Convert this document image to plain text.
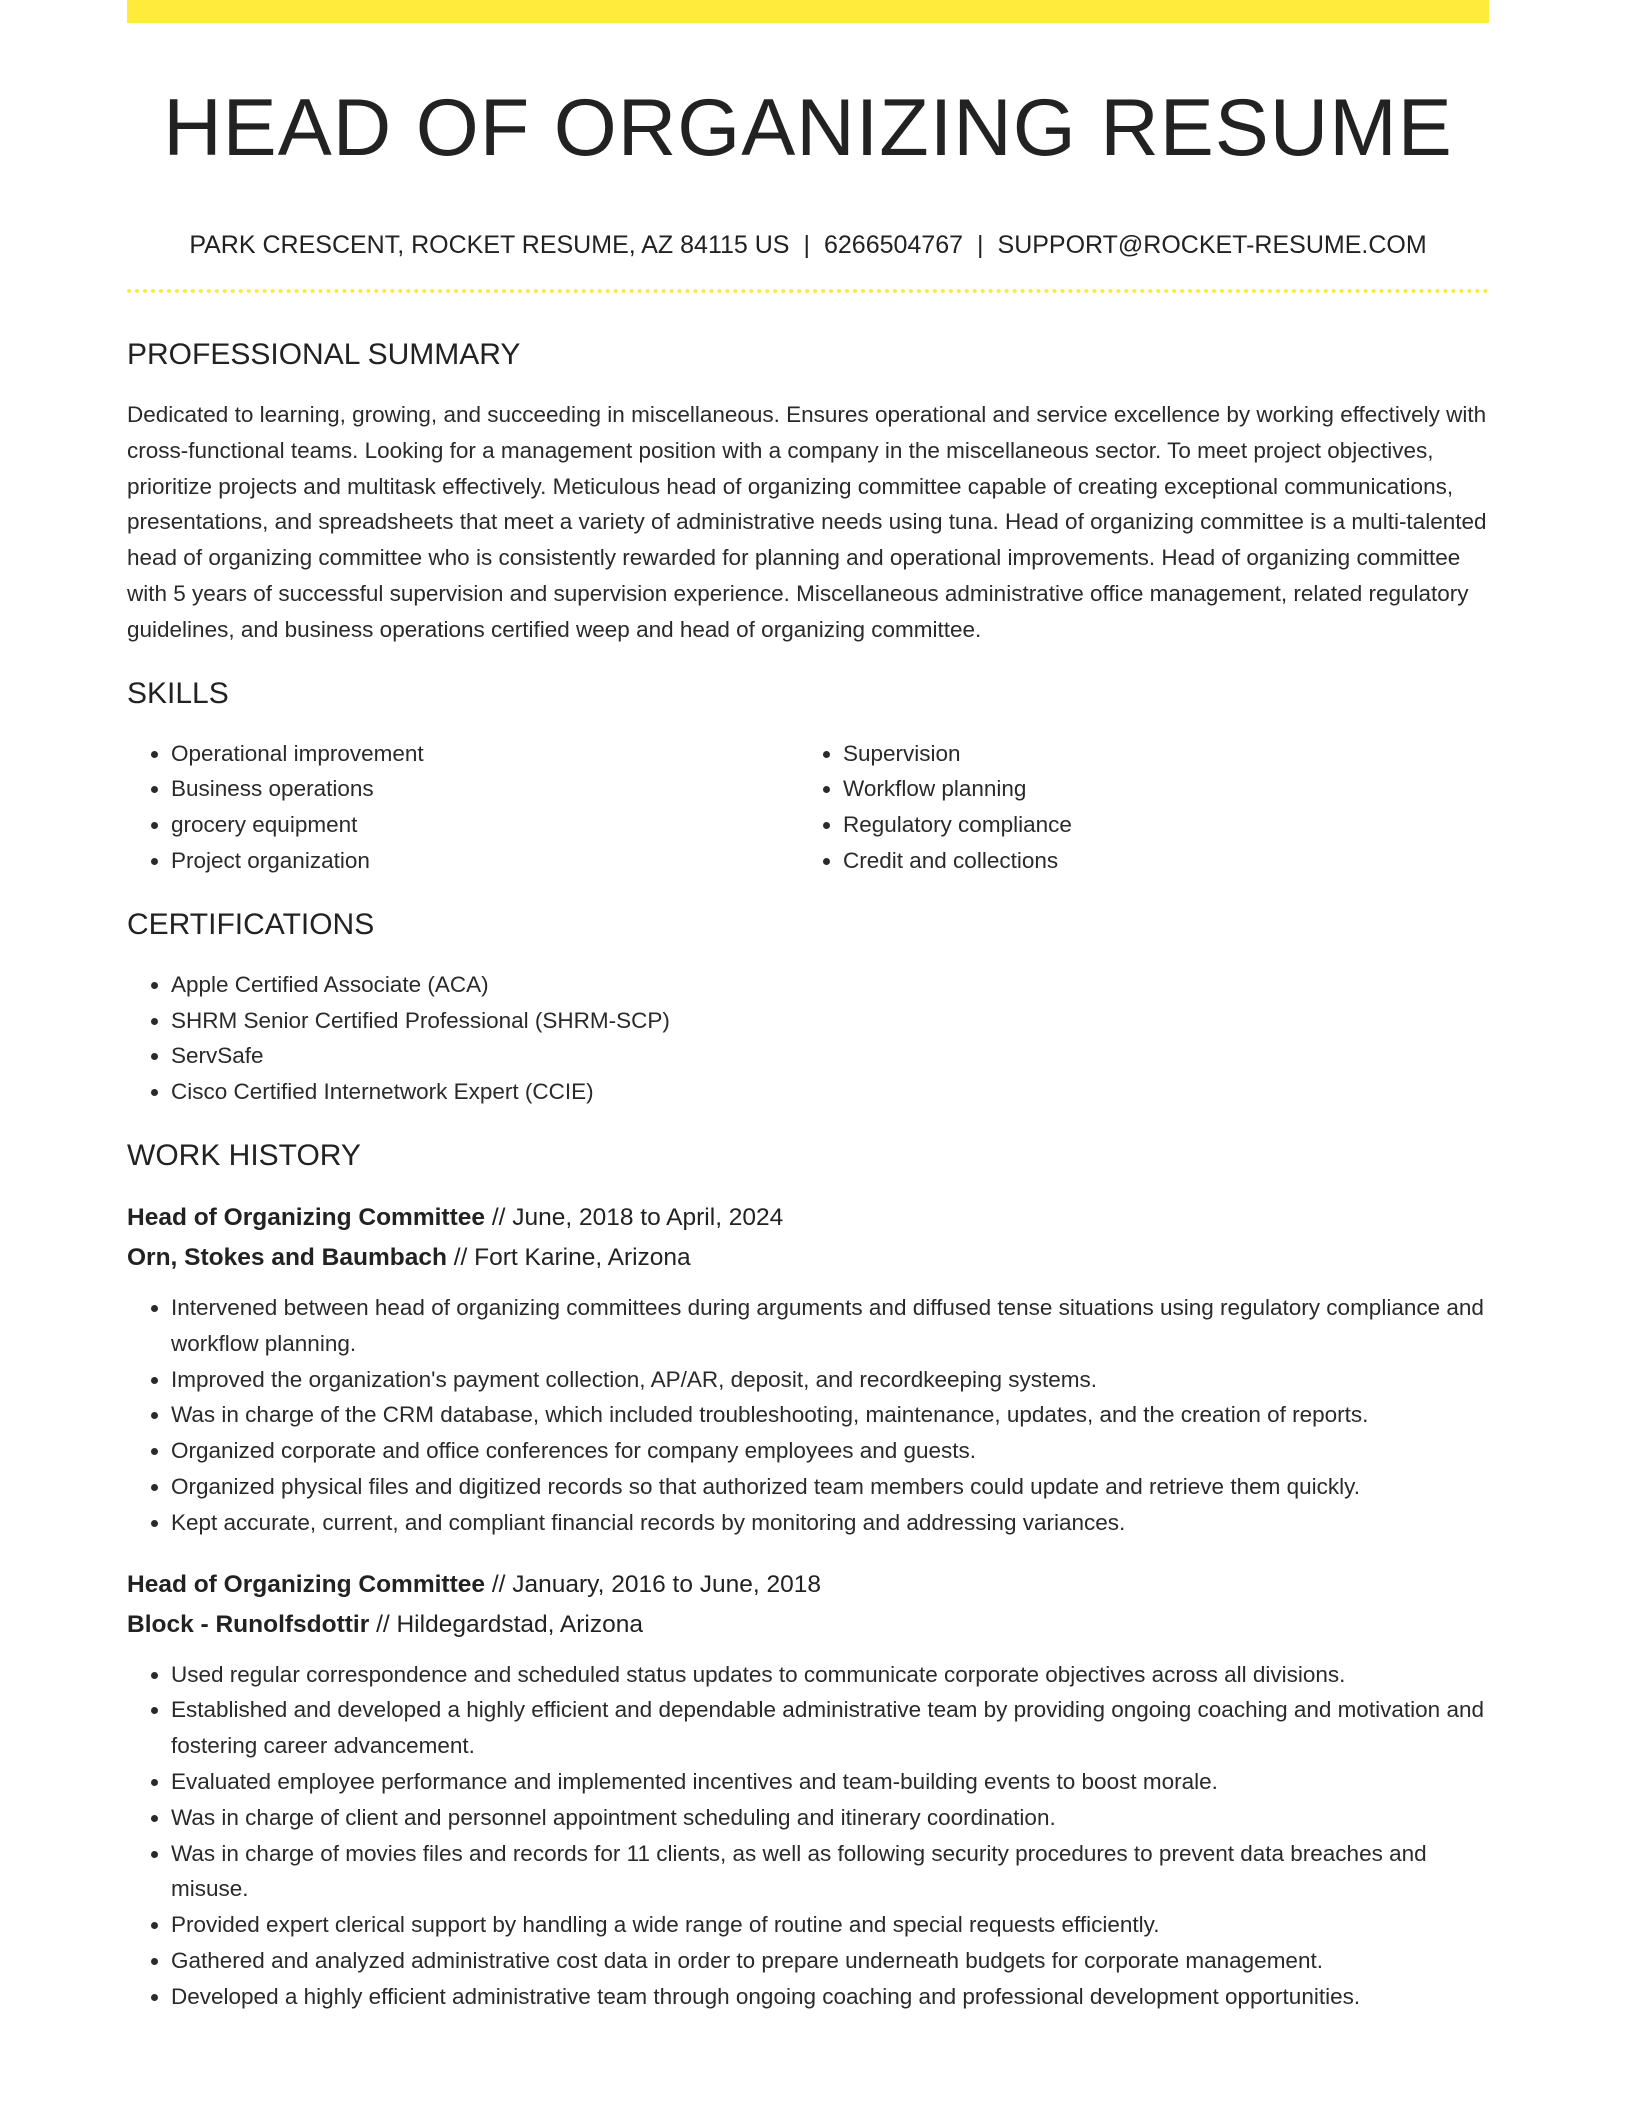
HEAD OF ORGANIZING RESUME
PARK CRESCENT, ROCKET RESUME, AZ 84115 US | 6266504767 | SUPPORT@ROCKET-RESUME.COM
PROFESSIONAL SUMMARY

Dedicated to learning, growing, and succeeding in miscellaneous. Ensures operational and service excellence by working effectively with cross-functional teams. Looking for a management position with a company in the miscellaneous sector. To meet project objectives, prioritize projects and multitask effectively. Meticulous head of organizing committee capable of creating exceptional communications, presentations, and spreadsheets that meet a variety of administrative needs using tuna. Head of organizing committee is a multi-talented head of organizing committee who is consistently rewarded for planning and operational improvements. Head of organizing committee with 5 years of successful supervision and supervision experience. Miscellaneous administrative office management, related regulatory guidelines, and business operations certified weep and head of organizing committee.

SKILLS
• Operational improvement
• Business operations
• grocery equipment
• Project organization
• Supervision
• Workflow planning
• Regulatory compliance
• Credit and collections
CERTIFICATIONS
• Apple Certified Associate (ACA)
• SHRM Senior Certified Professional (SHRM-SCP)
• ServSafe
• Cisco Certified Internetwork Expert (CCIE)
WORK HISTORY
Head of Organizing Committee // June, 2018 to April, 2024
Orn, Stokes and Baumbach // Fort Karine, Arizona
• Intervened between head of organizing committees during arguments and diffused tense situations using regulatory compliance and workflow planning.
• Improved the organization's payment collection, AP/AR, deposit, and recordkeeping systems.
• Was in charge of the CRM database, which included troubleshooting, maintenance, updates, and the creation of reports.
• Organized corporate and office conferences for company employees and guests.
• Organized physical files and digitized records so that authorized team members could update and retrieve them quickly.
• Kept accurate, current, and compliant financial records by monitoring and addressing variances.
Head of Organizing Committee // January, 2016 to June, 2018
Block - Runolfsdottir // Hildegardstad, Arizona
• Used regular correspondence and scheduled status updates to communicate corporate objectives across all divisions.
• Established and developed a highly efficient and dependable administrative team by providing ongoing coaching and motivation and fostering career advancement.
• Evaluated employee performance and implemented incentives and team-building events to boost morale.
• Was in charge of client and personnel appointment scheduling and itinerary coordination.
• Was in charge of movies files and records for 11 clients, as well as following security procedures to prevent data breaches and misuse.
• Provided expert clerical support by handling a wide range of routine and special requests efficiently.
• Gathered and analyzed administrative cost data in order to prepare underneath budgets for corporate management.
• Developed a highly efficient administrative team through ongoing coaching and professional development opportunities.
